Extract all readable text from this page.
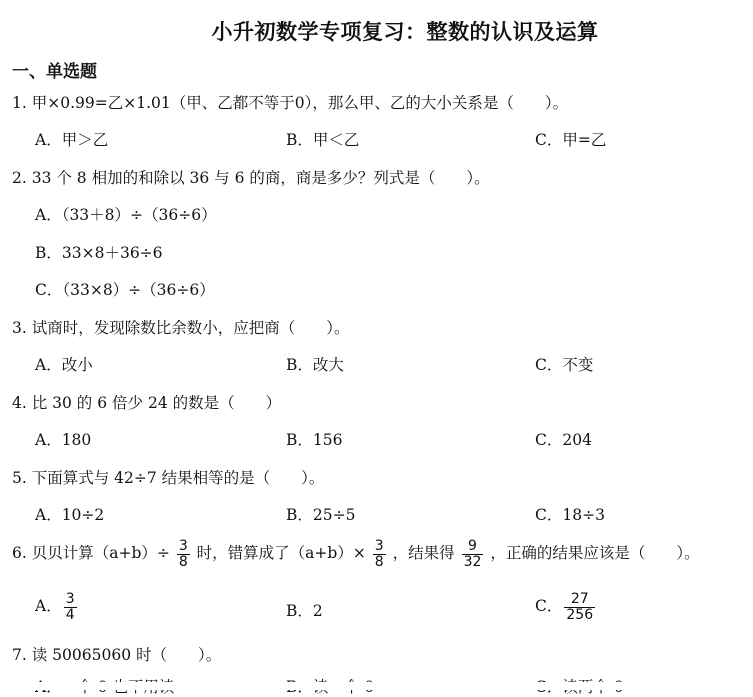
小升初数学专项复习：整数的认识及运算
一、单选题
1. 甲×0.99=乙×1.01（甲、乙都不等于0），那么甲、乙的大小关系是（　　）。
A．甲＞乙	B．甲＜乙	C．甲=乙
2. 33 个 8 相加的和除以 36 与 6 的商，商是多少？列式是（　　）。
A．（33＋8）÷（36÷6）
B．33×8＋36÷6
C．（33×8）÷（36÷6）
3. 试商时，发现除数比余数小，应把商（　　）。
A．改小	B．改大	C．不变
4. 比 30 的 6 倍少 24 的数是（　　）
A．180	B．156	C．204
5. 下面算式与 42÷7 结果相等的是（　　）。
A．10÷2	B．25÷5	C．18÷3
6. 贝贝计算$(a+b)\div \frac{3}{8}$ 时，错算成了$(a+b)\times \frac{3}{8}$ ，结果得 $\frac{9}{32}$ ，正确的结果应该是（　　）。
A． $\frac{3}{4}$	B．2	C． $\frac{27}{256}$
7. 读 50065060 时（　　）。
